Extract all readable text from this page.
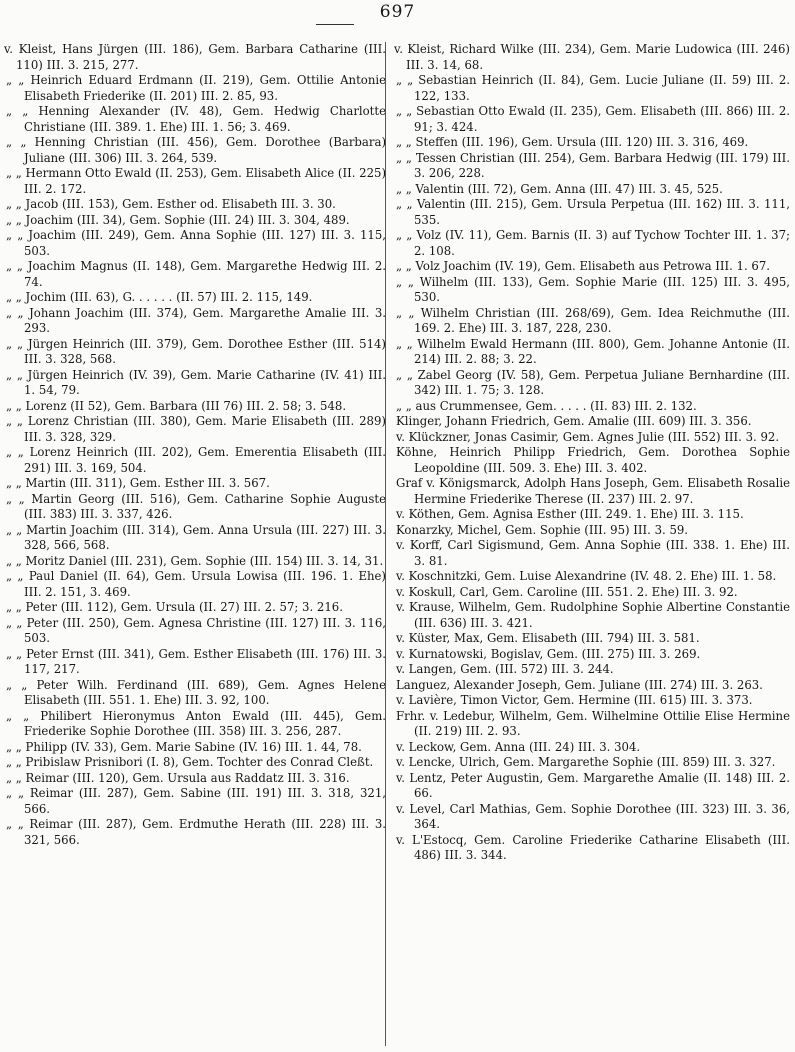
697

v. Kleist, Hans Jürgen (III. 186), Gem. Barbara Catharine (III. 110) III. 3. 215, 277.

„ „ Heinrich Eduard Erdmann (II. 219), Gem. Ottilie Antonie Elisabeth Friederike (II. 201) III. 2. 85, 93.

„ „ Henning Alexander (IV. 48), Gem. Hedwig Charlotte Christiane (III. 389. 1. Ehe) III. 1. 56; 3. 469.

„ „ Henning Christian (III. 456), Gem. Dorothee (Barbara) Juliane (III. 306) III. 3. 264, 539.

„ „ Hermann Otto Ewald (II. 253), Gem. Elisabeth Alice (II. 225) III. 2. 172.

„ „ Jacob (III. 153), Gem. Esther od. Elisabeth III. 3. 30.

„ „ Joachim (III. 34), Gem. Sophie (III. 24) III. 3. 304, 489.

„ „ Joachim (III. 249), Gem. Anna Sophie (III. 127) III. 3. 115, 503.

„ „ Joachim Magnus (II. 148), Gem. Margarethe Hedwig III. 2. 74.

„ „ Jochim (III. 63), G. . . . . . (II. 57) III. 2. 115, 149.

„ „ Johann Joachim (III. 374), Gem. Margarethe Amalie III. 3. 293.

„ „ Jürgen Heinrich (III. 379), Gem. Dorothee Esther (III. 514) III. 3. 328, 568.

„ „ Jürgen Heinrich (IV. 39), Gem. Marie Catharine (IV. 41) III. 1. 54, 79.

„ „ Lorenz (II 52), Gem. Barbara (III 76) III. 2. 58; 3. 548.

„ „ Lorenz Christian (III. 380), Gem. Marie Elisabeth (III. 289) III. 3. 328, 329.

„ „ Lorenz Heinrich (III. 202), Gem. Emerentia Elisabeth (III. 291) III. 3. 169, 504.

„ „ Martin (III. 311), Gem. Esther III. 3. 567.

„ „ Martin Georg (III. 516), Gem. Catharine Sophie Auguste (III. 383) III. 3. 337, 426.

„ „ Martin Joachim (III. 314), Gem. Anna Ursula (III. 227) III. 3. 328, 566, 568.

„ „ Moritz Daniel (III. 231), Gem. Sophie (III. 154) III. 3. 14, 31.

„ „ Paul Daniel (II. 64), Gem. Ursula Lowisa (III. 196. 1. Ehe) III. 2. 151, 3. 469.

„ „ Peter (III. 112), Gem. Ursula (II. 27) III. 2. 57; 3. 216.

„ „ Peter (III. 250), Gem. Agnesa Christine (III. 127) III. 3. 116, 503.

„ „ Peter Ernst (III. 341), Gem. Esther Elisabeth (III. 176) III. 3. 117, 217.

„ „ Peter Wilh. Ferdinand (III. 689), Gem. Agnes Helene Elisabeth (III. 551. 1. Ehe) III. 3. 92, 100.

„ „ Philibert Hieronymus Anton Ewald (III. 445), Gem. Friederike Sophie Dorothee (III. 358) III. 3. 256, 287.

„ „ Philipp (IV. 33), Gem. Marie Sabine (IV. 16) III. 1. 44, 78.

„ „ Pribislaw Prisnibori (I. 8), Gem. Tochter des Conrad Cleßt.

„ „ Reimar (III. 120), Gem. Ursula aus Raddatz III. 3. 316.

„ „ Reimar (III. 287), Gem. Sabine (III. 191) III. 3. 318, 321, 566.

„ „ Reimar (III. 287), Gem. Erdmuthe Herath (III. 228) III. 3. 321, 566.

v. Kleist, Richard Wilke (III. 234), Gem. Marie Ludowica (III. 246) III. 3. 14, 68.

„ „ Sebastian Heinrich (II. 84), Gem. Lucie Juliane (II. 59) III. 2. 122, 133.

„ „ Sebastian Otto Ewald (II. 235), Gem. Elisabeth (III. 866) III. 2. 91; 3. 424.

„ „ Steffen (III. 196), Gem. Ursula (III. 120) III. 3. 316, 469.

„ „ Tessen Christian (III. 254), Gem. Barbara Hedwig (III. 179) III. 3. 206, 228.

„ „ Valentin (III. 72), Gem. Anna (III. 47) III. 3. 45, 525.

„ „ Valentin (III. 215), Gem. Ursula Perpetua (III. 162) III. 3. 111, 535.

„ „ Volz (IV. 11), Gem. Barnis (II. 3) auf Tychow Tochter III. 1. 37; 2. 108.

„ „ Volz Joachim (IV. 19), Gem. Elisabeth aus Petrowa III. 1. 67.

„ „ Wilhelm (III. 133), Gem. Sophie Marie (III. 125) III. 3. 495, 530.

„ „ Wilhelm Christian (III. 268/69), Gem. Idea Reichmuthe (III. 169. 2. Ehe) III. 3. 187, 228, 230.

„ „ Wilhelm Ewald Hermann (III. 800), Gem. Johanne Antonie (II. 214) III. 2. 88; 3. 22.

„ „ Zabel Georg (IV. 58), Gem. Perpetua Juliane Bernhardine (III. 342) III. 1. 75; 3. 128.

„ „ aus Crummensee, Gem. . . . . (II. 83) III. 2. 132.

Klinger, Johann Friedrich, Gem. Amalie (III. 609) III. 3. 356.

v. Klückzner, Jonas Casimir, Gem. Agnes Julie (III. 552) III. 3. 92.

Köhne, Heinrich Philipp Friedrich, Gem. Dorothea Sophie Leopoldine (III. 509. 3. Ehe) III. 3. 402.

Graf v. Königsmarck, Adolph Hans Joseph, Gem. Elisabeth Rosalie Hermine Friederike Therese (II. 237) III. 2. 97.

v. Köthen, Gem. Agnisa Esther (III. 249. 1. Ehe) III. 3. 115.

Konarzky, Michel, Gem. Sophie (III. 95) III. 3. 59.

v. Korff, Carl Sigismund, Gem. Anna Sophie (III. 338. 1. Ehe) III. 3. 81.

v. Koschnitzki, Gem. Luise Alexandrine (IV. 48. 2. Ehe) III. 1. 58.

v. Koskull, Carl, Gem. Caroline (III. 551. 2. Ehe) III. 3. 92.

v. Krause, Wilhelm, Gem. Rudolphine Sophie Albertine Constantie (III. 636) III. 3. 421.

v. Küster, Max, Gem. Elisabeth (III. 794) III. 3. 581.

v. Kurnatowski, Bogislav, Gem. (III. 275) III. 3. 269.

v. Langen, Gem. (III. 572) III. 3. 244.

Languez, Alexander Joseph, Gem. Juliane (III. 274) III. 3. 263.

v. Lavière, Timon Victor, Gem. Hermine (III. 615) III. 3. 373.

Frhr. v. Ledebur, Wilhelm, Gem. Wilhelmine Ottilie Elise Hermine (II. 219) III. 2. 93.

v. Leckow, Gem. Anna (III. 24) III. 3. 304.

v. Lencke, Ulrich, Gem. Margarethe Sophie (III. 859) III. 3. 327.

v. Lentz, Peter Augustin, Gem. Margarethe Amalie (II. 148) III. 2. 66.

v. Level, Carl Mathias, Gem. Sophie Dorothee (III. 323) III. 3. 36, 364.

v. L'Estocq, Gem. Caroline Friederike Catharine Elisabeth (III. 486) III. 3. 344.
